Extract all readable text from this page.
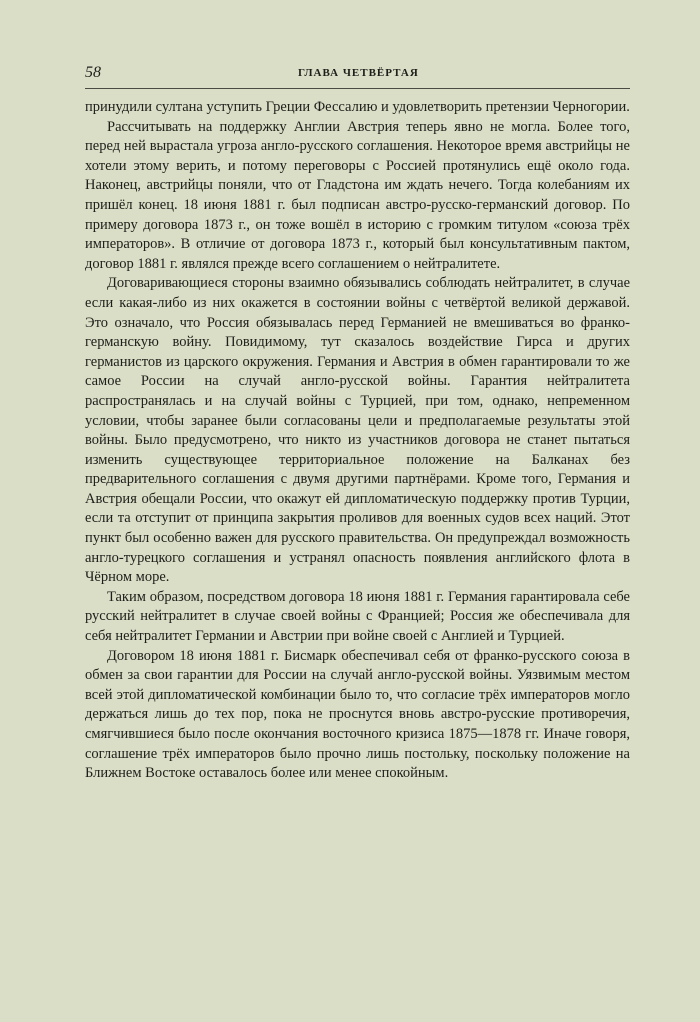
58	ГЛАВА ЧЕТВЁРТАЯ

принудили султана уступить Греции Фессалию и удовлетворить претензии Черногории.

Рассчитывать на поддержку Англии Австрия теперь явно не могла. Более того, перед ней вырастала угроза англо-русского соглашения. Некоторое время австрийцы не хотели этому верить, и потому переговоры с Россией протянулись ещё около года. Наконец, австрийцы поняли, что от Гладстона им ждать нечего. Тогда колебаниям их пришёл конец. 18 июня 1881 г. был подписан австро-русско-германский договор. По примеру договора 1873 г., он тоже вошёл в историю с громким титулом «союза трёх императоров». В отличие от договора 1873 г., который был консультативным пактом, договор 1881 г. являлся прежде всего соглашением о нейтралитете.

Договаривающиеся стороны взаимно обязывались соблюдать нейтралитет, в случае если какая-либо из них окажется в состоянии войны с четвёртой великой державой. Это означало, что Россия обязывалась перед Германией не вмешиваться во франко-германскую войну. Повидимому, тут сказалось воздействие Гирса и других германистов из царского окружения. Германия и Австрия в обмен гарантировали то же самое России на случай англо-русской войны. Гарантия нейтралитета распространялась и на случай войны с Турцией, при том, однако, непременном условии, чтобы заранее были согласованы цели и предполагаемые результаты этой войны. Было предусмотрено, что никто из участников договора не станет пытаться изменить существующее территориальное положение на Балканах без предварительного соглашения с двумя другими партнёрами. Кроме того, Германия и Австрия обещали России, что окажут ей дипломатическую поддержку против Турции, если та отступит от принципа закрытия проливов для военных судов всех наций. Этот пункт был особенно важен для русского правительства. Он предупреждал возможность англо-турецкого соглашения и устранял опасность появления английского флота в Чёрном море.

Таким образом, посредством договора 18 июня 1881 г. Германия гарантировала себе русский нейтралитет в случае своей войны с Францией; Россия же обеспечивала для себя нейтралитет Германии и Австрии при войне своей с Англией и Турцией.

Договором 18 июня 1881 г. Бисмарк обеспечивал себя от франко-русского союза в обмен за свои гарантии для России на случай англо-русской войны. Уязвимым местом всей этой дипломатической комбинации было то, что согласие трёх императоров могло держаться лишь до тех пор, пока не проснутся вновь австро-русские противоречия, смягчившиеся было после окончания восточного кризиса 1875—1878 гг. Иначе говоря, соглашение трёх императоров было прочно лишь постольку, поскольку положение на Ближнем Востоке оставалось более или менее спокойным.
